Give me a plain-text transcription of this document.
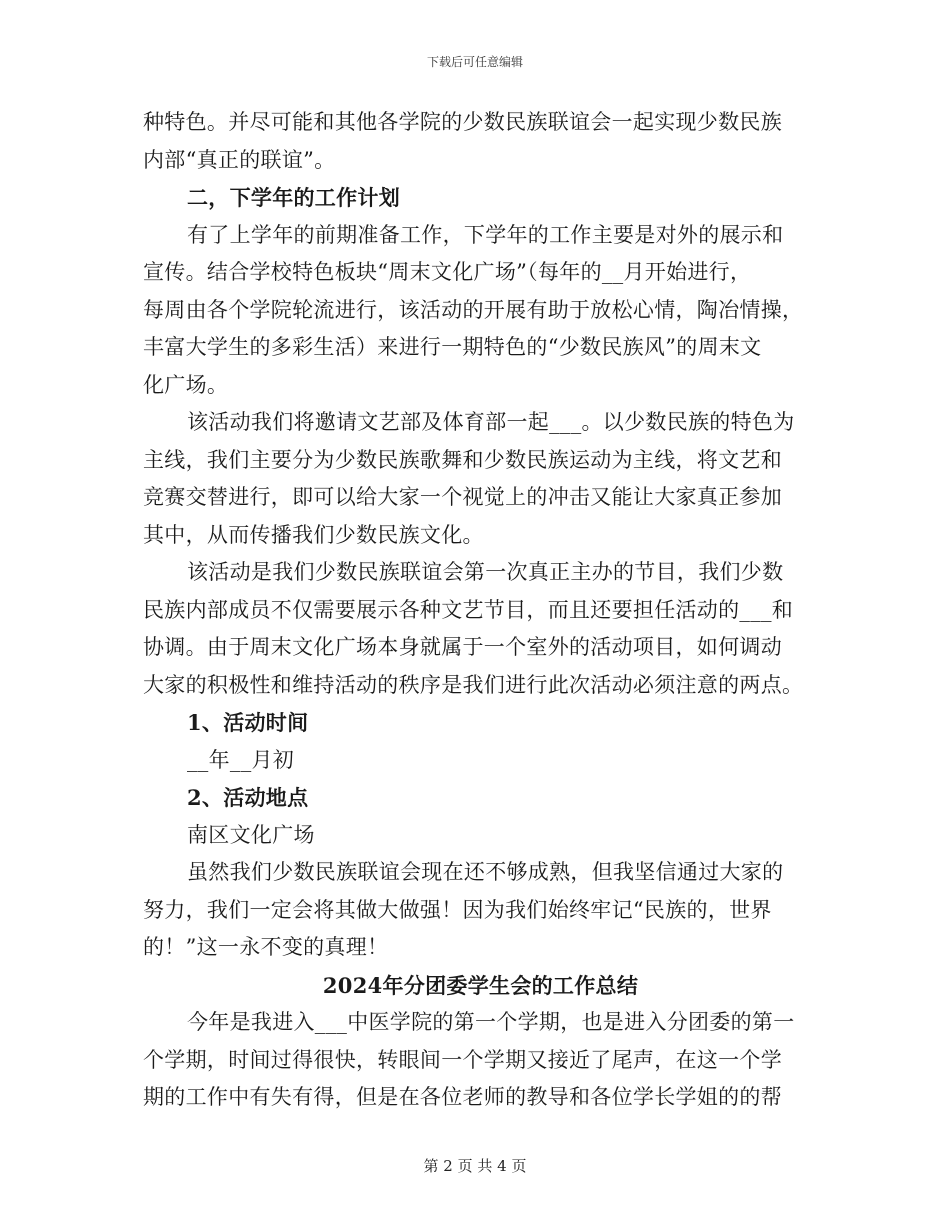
下载后可任意编辑
种特色。并尽可能和其他各学院的少数民族联谊会一起实现少数民族
内部“真正的联谊”。
二，下学年的工作计划
有了上学年的前期准备工作，下学年的工作主要是对外的展示和
宣传。结合学校特色板块“周末文化广场”（每年的__月开始进行，
每周由各个学院轮流进行，该活动的开展有助于放松心情，陶冶情操，
丰富大学生的多彩生活）来进行一期特色的“少数民族风”的周末文
化广场。
该活动我们将邀请文艺部及体育部一起___。以少数民族的特色为
主线，我们主要分为少数民族歌舞和少数民族运动为主线，将文艺和
竞赛交替进行，即可以给大家一个视觉上的冲击又能让大家真正参加
其中，从而传播我们少数民族文化。
该活动是我们少数民族联谊会第一次真正主办的节目，我们少数
民族内部成员不仅需要展示各种文艺节目，而且还要担任活动的___和
协调。由于周末文化广场本身就属于一个室外的活动项目，如何调动
大家的积极性和维持活动的秩序是我们进行此次活动必须注意的两点。
1、活动时间
__年__月初
2、活动地点
南区文化广场
虽然我们少数民族联谊会现在还不够成熟，但我坚信通过大家的
努力，我们一定会将其做大做强！因为我们始终牢记“民族的，世界
的！”这一永不变的真理！
2024年分团委学生会的工作总结
今年是我进入___中医学院的第一个学期，也是进入分团委的第一
个学期，时间过得很快，转眼间一个学期又接近了尾声，在这一个学
期的工作中有失有得，但是在各位老师的教导和各位学长学姐的的帮
第 2 页 共 4 页
